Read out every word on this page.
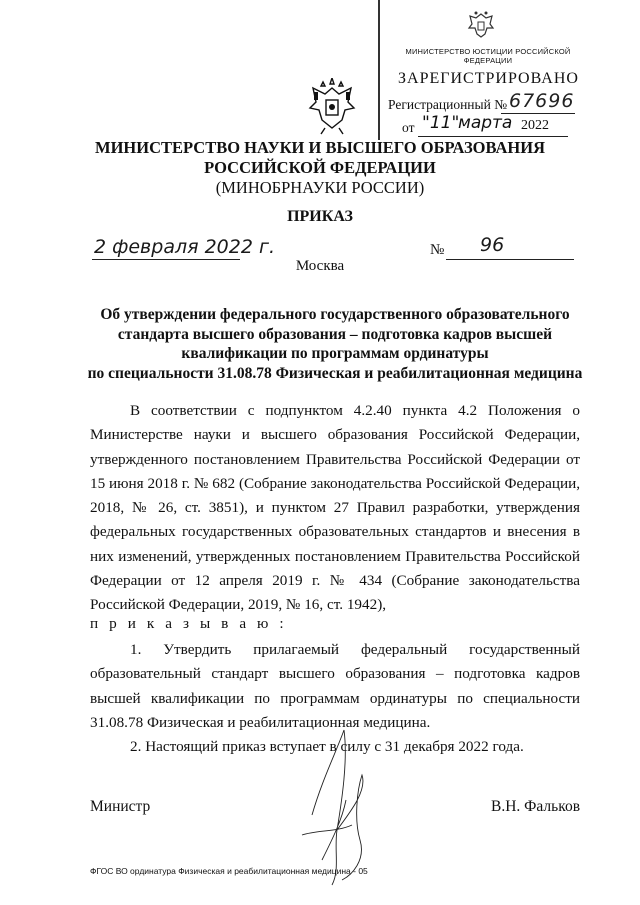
МИНИСТЕРСТВО ЮСТИЦИИ РОССИЙСКОЙ ФЕДЕРАЦИИ
ЗАРЕГИСТРИРОВАНО
Регистрационный № 67696
от "11"
марта 2022
МИНИСТЕРСТВО НАУКИ И ВЫСШЕГО ОБРАЗОВАНИЯ
РОССИЙСКОЙ ФЕДЕРАЦИИ
(МИНОБРНАУКИ РОССИИ)
ПРИКАЗ
2 февраля 2022 г.	№ 96
Москва
Об утверждении федерального государственного образовательного
стандарта высшего образования – подготовка кадров высшей
квалификации по программам ординатуры
по специальности 31.08.78 Физическая и реабилитационная медицина
В соответствии с подпунктом 4.2.40 пункта 4.2 Положения о Министерстве науки и высшего образования Российской Федерации, утвержденного постановлением Правительства Российской Федерации от 15 июня 2018 г. № 682 (Собрание законодательства Российской Федерации, 2018, № 26, ст. 3851), и пунктом 27 Правил разработки, утверждения федеральных государственных образовательных стандартов и внесения в них изменений, утвержденных постановлением Правительства Российской Федерации от 12 апреля 2019 г. № 434 (Собрание законодательства Российской Федерации, 2019, № 16, ст. 1942),
п р и к а з ы в а ю :
1. Утвердить прилагаемый федеральный государственный образовательный стандарт высшего образования – подготовка кадров высшей квалификации по программам ординатуры по специальности 31.08.78 Физическая и реабилитационная медицина.
2. Настоящий приказ вступает в силу с 31 декабря 2022 года.
Министр	В.Н. Фальков
ФГОС ВО ординатура Физическая и реабилитационная медицина - 05
